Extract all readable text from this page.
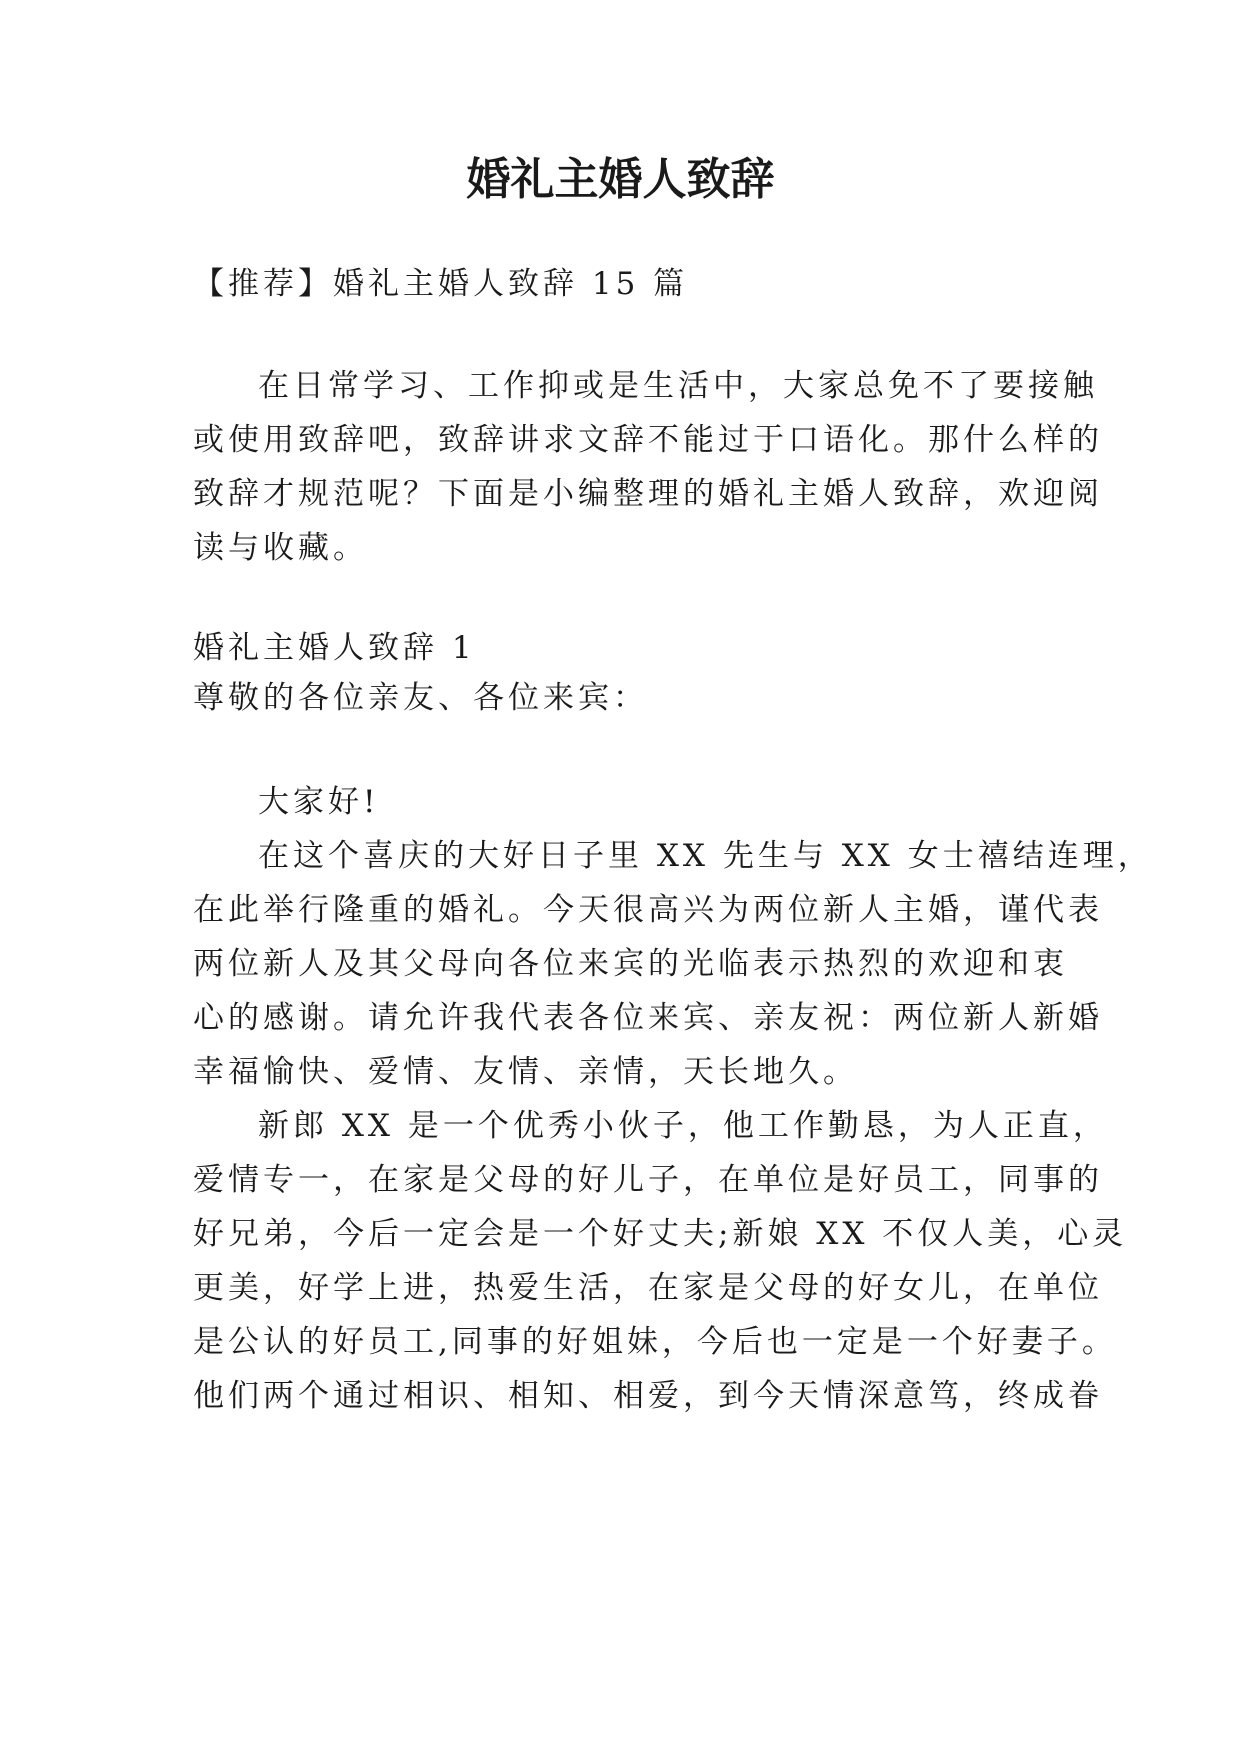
婚礼主婚人致辞
【推荐】婚礼主婚人致辞 15 篇
在日常学习、工作抑或是生活中，大家总免不了要接触
或使用致辞吧，致辞讲求文辞不能过于口语化。那什么样的
致辞才规范呢？下面是小编整理的婚礼主婚人致辞，欢迎阅
读与收藏。
婚礼主婚人致辞 1
尊敬的各位亲友、各位来宾：
大家好!
在这个喜庆的大好日子里 XX 先生与 XX 女士禧结连理，
在此举行隆重的婚礼。今天很高兴为两位新人主婚，谨代表
两位新人及其父母向各位来宾的光临表示热烈的欢迎和衷
心的感谢。请允许我代表各位来宾、亲友祝：两位新人新婚
幸福愉快、爱情、友情、亲情，天长地久。
新郎 XX 是一个优秀小伙子，他工作勤恳，为人正直，
爱情专一，在家是父母的好儿子，在单位是好员工，同事的
好兄弟，今后一定会是一个好丈夫;新娘 XX 不仅人美，心灵
更美，好学上进，热爱生活，在家是父母的好女儿，在单位
是公认的好员工,同事的好姐妹，今后也一定是一个好妻子。
他们两个通过相识、相知、相爱，到今天情深意笃，终成眷
